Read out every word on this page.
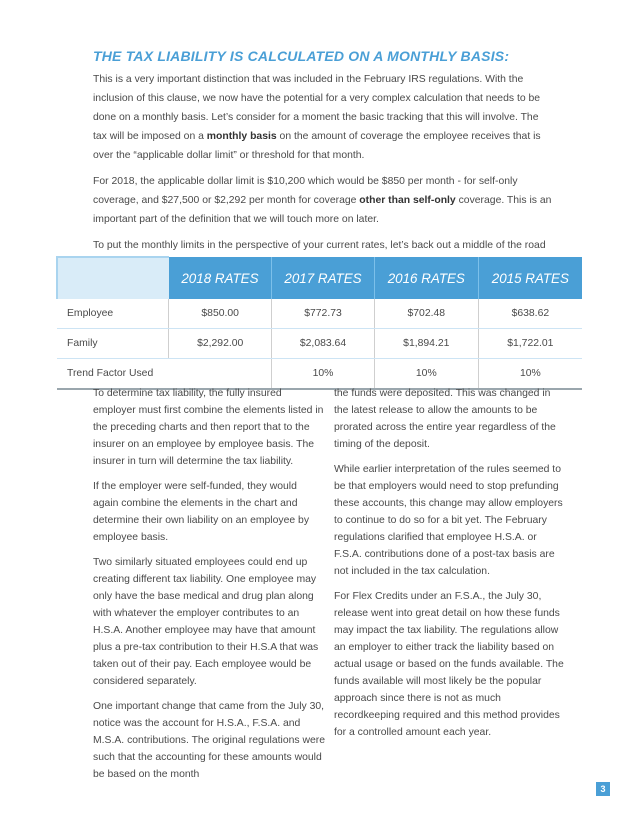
THE TAX LIABILITY IS CALCULATED ON A MONTHLY BASIS:

This is a very important distinction that was included in the February IRS regulations. With the inclusion of this clause, we now have the potential for a very complex calculation that needs to be done on a monthly basis. Let’s consider for a moment the basic tracking that this will involve. The tax will be imposed on a monthly basis on the amount of coverage the employee receives that is over the “applicable dollar limit” or threshold for that month.

For 2018, the applicable dollar limit is $10,200 which would be $850 per month - for self-only coverage, and $27,500 or $2,292 per month for coverage other than self-only coverage. This is an important part of the definition that we will touch more on later.

To put the monthly limits in the perspective of your current rates, let’s back out a middle of the road

	2018 RATES	2017 RATES	2016 RATES	2015 RATES
Employee	$850.00	$772.73	$702.48	$638.62
Family	$2,292.00	$2,083.64	$1,894.21	$1,722.01
Trend Factor Used		10%	10%	10%

To determine tax liability, the fully insured employer must first combine the elements listed in the preceding charts and then report that to the insurer on an employee by employee basis. The insurer in turn will determine the tax liability.

If the employer were self-funded, they would again combine the elements in the chart and determine their own liability on an employee by employee basis.

Two similarly situated employees could end up creating different tax liability. One employee may only have the base medical and drug plan along with whatever the employer contributes to an H.S.A. Another employee may have that amount plus a pre-tax contribution to their H.S.A that was taken out of their pay. Each employee would be considered separately.

One important change that came from the July 30, notice was the account for H.S.A., F.S.A. and M.S.A. contributions. The original regulations were such that the accounting for these amounts would be based on the month

the funds were deposited. This was changed in the latest release to allow the amounts to be prorated across the entire year regardless of the timing of the deposit.

While earlier interpretation of the rules seemed to be that employers would need to stop prefunding these accounts, this change may allow employers to continue to do so for a bit yet. The February regulations clarified that employee H.S.A. or F.S.A. contributions done of a post-tax basis are not included in the tax calculation.

For Flex Credits under an F.S.A., the July 30, release went into great detail on how these funds may impact the tax liability. The regulations allow an employer to either track the liability based on actual usage or based on the funds available. The funds available will most likely be the popular approach since there is not as much recordkeeping required and this method provides for a controlled amount each year.

3
